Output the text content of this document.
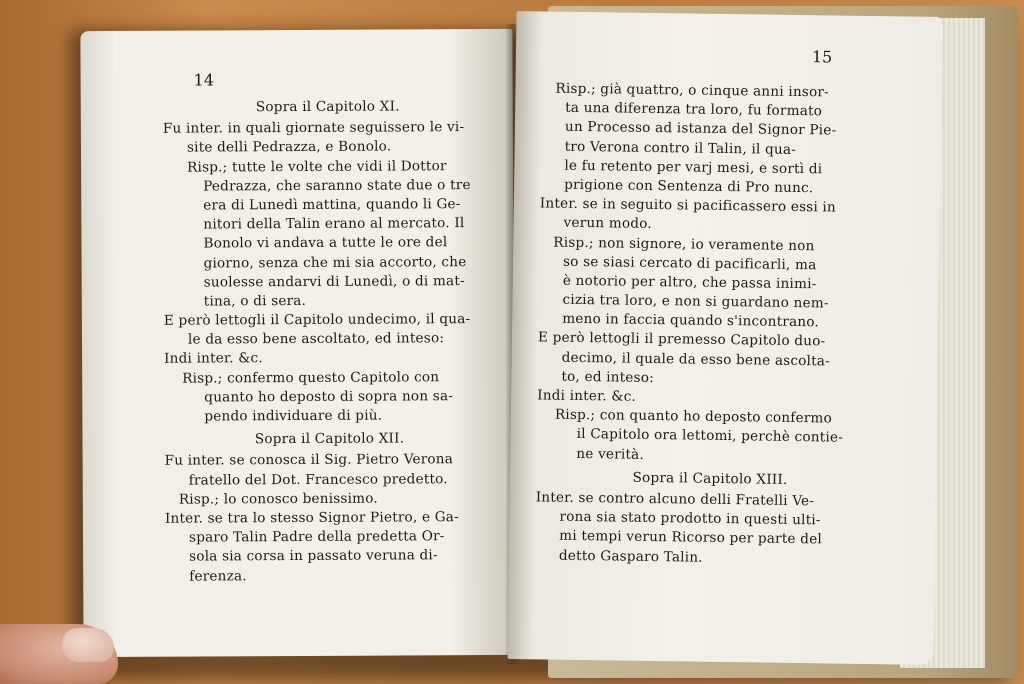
14
Sopra il Capitolo XI.
Fu inter. in quali giornate seguissero le vi-
site delli Pedrazza, e Bonolo.
Risp.; tutte le volte che vidi il Dottor
Pedrazza, che saranno state due o tre
era di Lunedì mattina, quando li Ge-
nitori della Talin erano al mercato. Il
Bonolo vi andava a tutte le ore del
giorno, senza che mi sia accorto, che
suolesse andarvi di Lunedì, o di mat-
tina, o di sera.
E però lettogli il Capitolo undecimo, il qua-
le da esso bene ascoltato, ed inteso:
Indi inter. &c.
Risp.; confermo questo Capitolo con
quanto ho deposto di sopra non sa-
pendo individuare di più.
Sopra il Capitolo XII.
Fu inter. se conosca il Sig. Pietro Verona
fratello del Dot. Francesco predetto.
Risp.; lo conosco benissimo.
Inter. se tra lo stesso Signor Pietro, e Ga-
sparo Talin Padre della predetta Or-
sola sia corsa in passato veruna di-
ferenza.
15
Risp.; già quattro, o cinque anni insor-
ta una diferenza tra loro, fu formato
un Processo ad istanza del Signor Pie-
tro Verona contro il Talin, il qua-
le fu retento per varj mesi, e sortì di
prigione con Sentenza di Pro nunc.
Inter. se in seguito si pacificassero essi in
verun modo.
Risp.; non signore, io veramente non
so se siasi cercato di pacificarli, ma
è notorio per altro, che passa inimi-
cizia tra loro, e non si guardano nem-
meno in faccia quando s'incontrano.
E però lettogli il premesso Capitolo duo-
decimo, il quale da esso bene ascolta-
to, ed inteso:
Indi inter. &c.
Risp.; con quanto ho deposto confermo
il Capitolo ora lettomi, perchè contie-
ne verità.
Sopra il Capitolo XIII.
Inter. se contro alcuno delli Fratelli Ve-
rona sia stato prodotto in questi ulti-
mi tempi verun Ricorso per parte del
detto Gasparo Talin.
